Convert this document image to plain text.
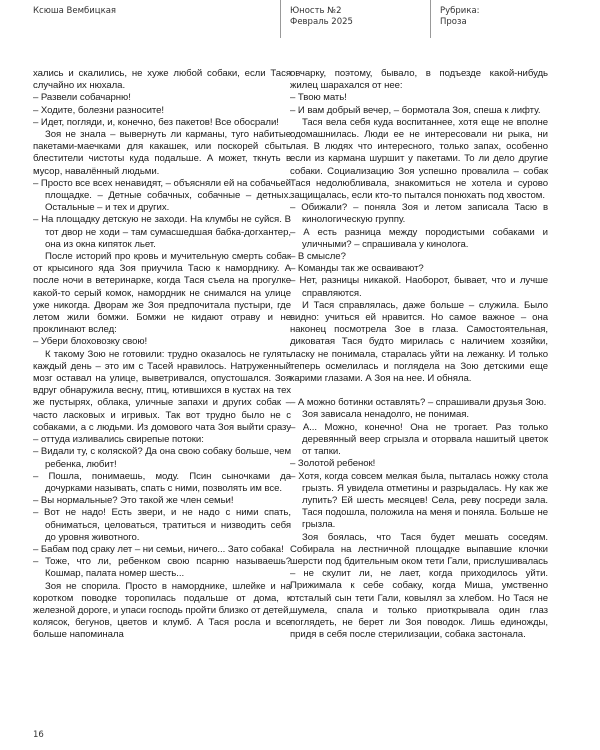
Ксюша Вембицкая	Юность №2
Февраль 2025
Рубрика:
Проза

хались и скалились, не хуже любой собаки, если Тася случайно их нюхала.

– Развели собачарню!

– Ходите, болезни разносите!

– Идет, погляди, и, конечно, без пакетов! Все обосрали!

Зоя не знала – вывернуть ли карманы, туго набитые пакетами-маечками для какашек, или поскорей сбыть блестители чистоты куда подальше. А может, ткнуть в мусор, навалённый людьми.

– Просто все всех ненавидят, – объясняли ей на собачьей площадке. – Детные собачных, собачные – детных. Остальные – и тех и других.

– На площадку детскую не заходи. На клумбы не суйся. В тот двор не ходи – там сумасшедшая бабка-догхантер, она из окна кипяток льет.

После историй про кровь и мучительную смерть собак от крысиного яда Зоя приучила Тасю к наморднику. А после ночи в ветеринарке, когда Тася съела на прогулке какой-то серый комок, намордник не снимался на улице уже никогда. Дворам же Зоя предпочитала пустыри, где летом жили бомжи. Бомжи не кидают отраву и не проклинают вслед:

– Убери блоховозку свою!

К такому Зою не готовили: трудно оказалось не гулять каждый день – это им с Тасей нравилось. Натруженный мозг оставал на улице, выветривался, опустошался. Зоя вдруг обнаружила весну, птиц, ютившихся в кустах на тех же пустырях, облака, уличные запахи и других собак – часто ласковых и игривых. Так вот трудно было не с собаками, а с людьми. Из домового чата Зоя выйти сразу – оттуда изливались свирепые потоки:

– Видали ту, с коляской? Да она свою собаку больше, чем ребенка, любит!

– Пошла, понимаешь, моду. Псин сыночками да дочурками называть, спать с ними, позволять им все.

– Вы нормальные? Это такой же член семьи!

– Вот не надо! Есть звери, и не надо с ними спать, обниматься, целоваться, тратиться и низводить себя до уровня животного.

– Бабам под сраку лет – ни семьи, ничего... Зато собака!

– Тоже, что ли, ребенком свою псарню называешь? Кошмар, палата номер шесть...

Зоя не спорила. Просто в наморднике, шлейке и на коротком поводке торопилась подальше от дома, к железной дороге, и упаси господь пройти близко от детей, колясок, бегунов, цветов и клумб. А Тася росла и все больше напоминала

овчарку, поэтому, бывало, в подъезде какой-нибудь жилец шарахался от нее:

– Твою мать!

– И вам добрый вечер, – бормотала Зоя, спеша к лифту.

Тася вела себя куда воспитаннее, хотя еще не вполне одомашнилась. Люди ее не интересовали ни рыка, ни лая. В людях что интересного, только запах, особенно если из кармана шуршит у пакетами. То ли дело другие собаки. Социализацию Зоя успешно провалила – собак Тася недолюбливала, знакомиться не хотела и сурово защищалась, если кто-то пытался понюхать под хвостом.

– Обижали? – поняла Зоя и летом записала Тасю в кинологическую группу.

– А есть разница между породистыми собаками и уличными? – спрашивала у кинолога.

– В смысле?

– Команды так же осваивают?

– Нет, разницы никакой. Наоборот, бывает, что и лучше справляются.

И Тася справлялась, даже больше – служила. Было видно: учиться ей нравится. Но самое важное – она наконец посмотрела Зое в глаза. Самостоятельная, диковатая Тася будто мирилась с наличием хозяйки, ласку не понимала, старалась уйти на лежанку. И только теперь осмелилась и поглядела на Зою детскими еще карими глазами. А Зоя на нее. И обняла.

– А можно ботинки оставлять? – спрашивали друзья Зою.

Зоя зависала ненадолго, не понимая.

– А... Можно, конечно! Она не трогает. Раз только деревянный веер сгрызла и оторвала нашитый цветок от тапки.

– Золотой ребенок!

– Хотя, когда совсем мелкая была, пыталась ножку стола грызть. Я увидела отметины и разрыдалась. Ну как же лупить? Ей шесть месяцев! Села, реву посреди зала. Тася подошла, положила на меня и поняла. Больше не грызла.

Зоя боялась, что Тася будет мешать соседям. Собирала на лестничной площадке выпавшие клочки шерсти под бдительным оком тети Гали, прислушивалась – не скулит ли, не лает, когда приходилось уйти. Прижимала к себе собаку, когда Миша, умственно отсталый сын тети Гали, ковылял за хлебом. Но Тася не шумела, спала и только приоткрывала один глаз поглядеть, не берет ли Зоя поводок. Лишь единожды, придя в себя после стерилизации, собака застонала.

16
